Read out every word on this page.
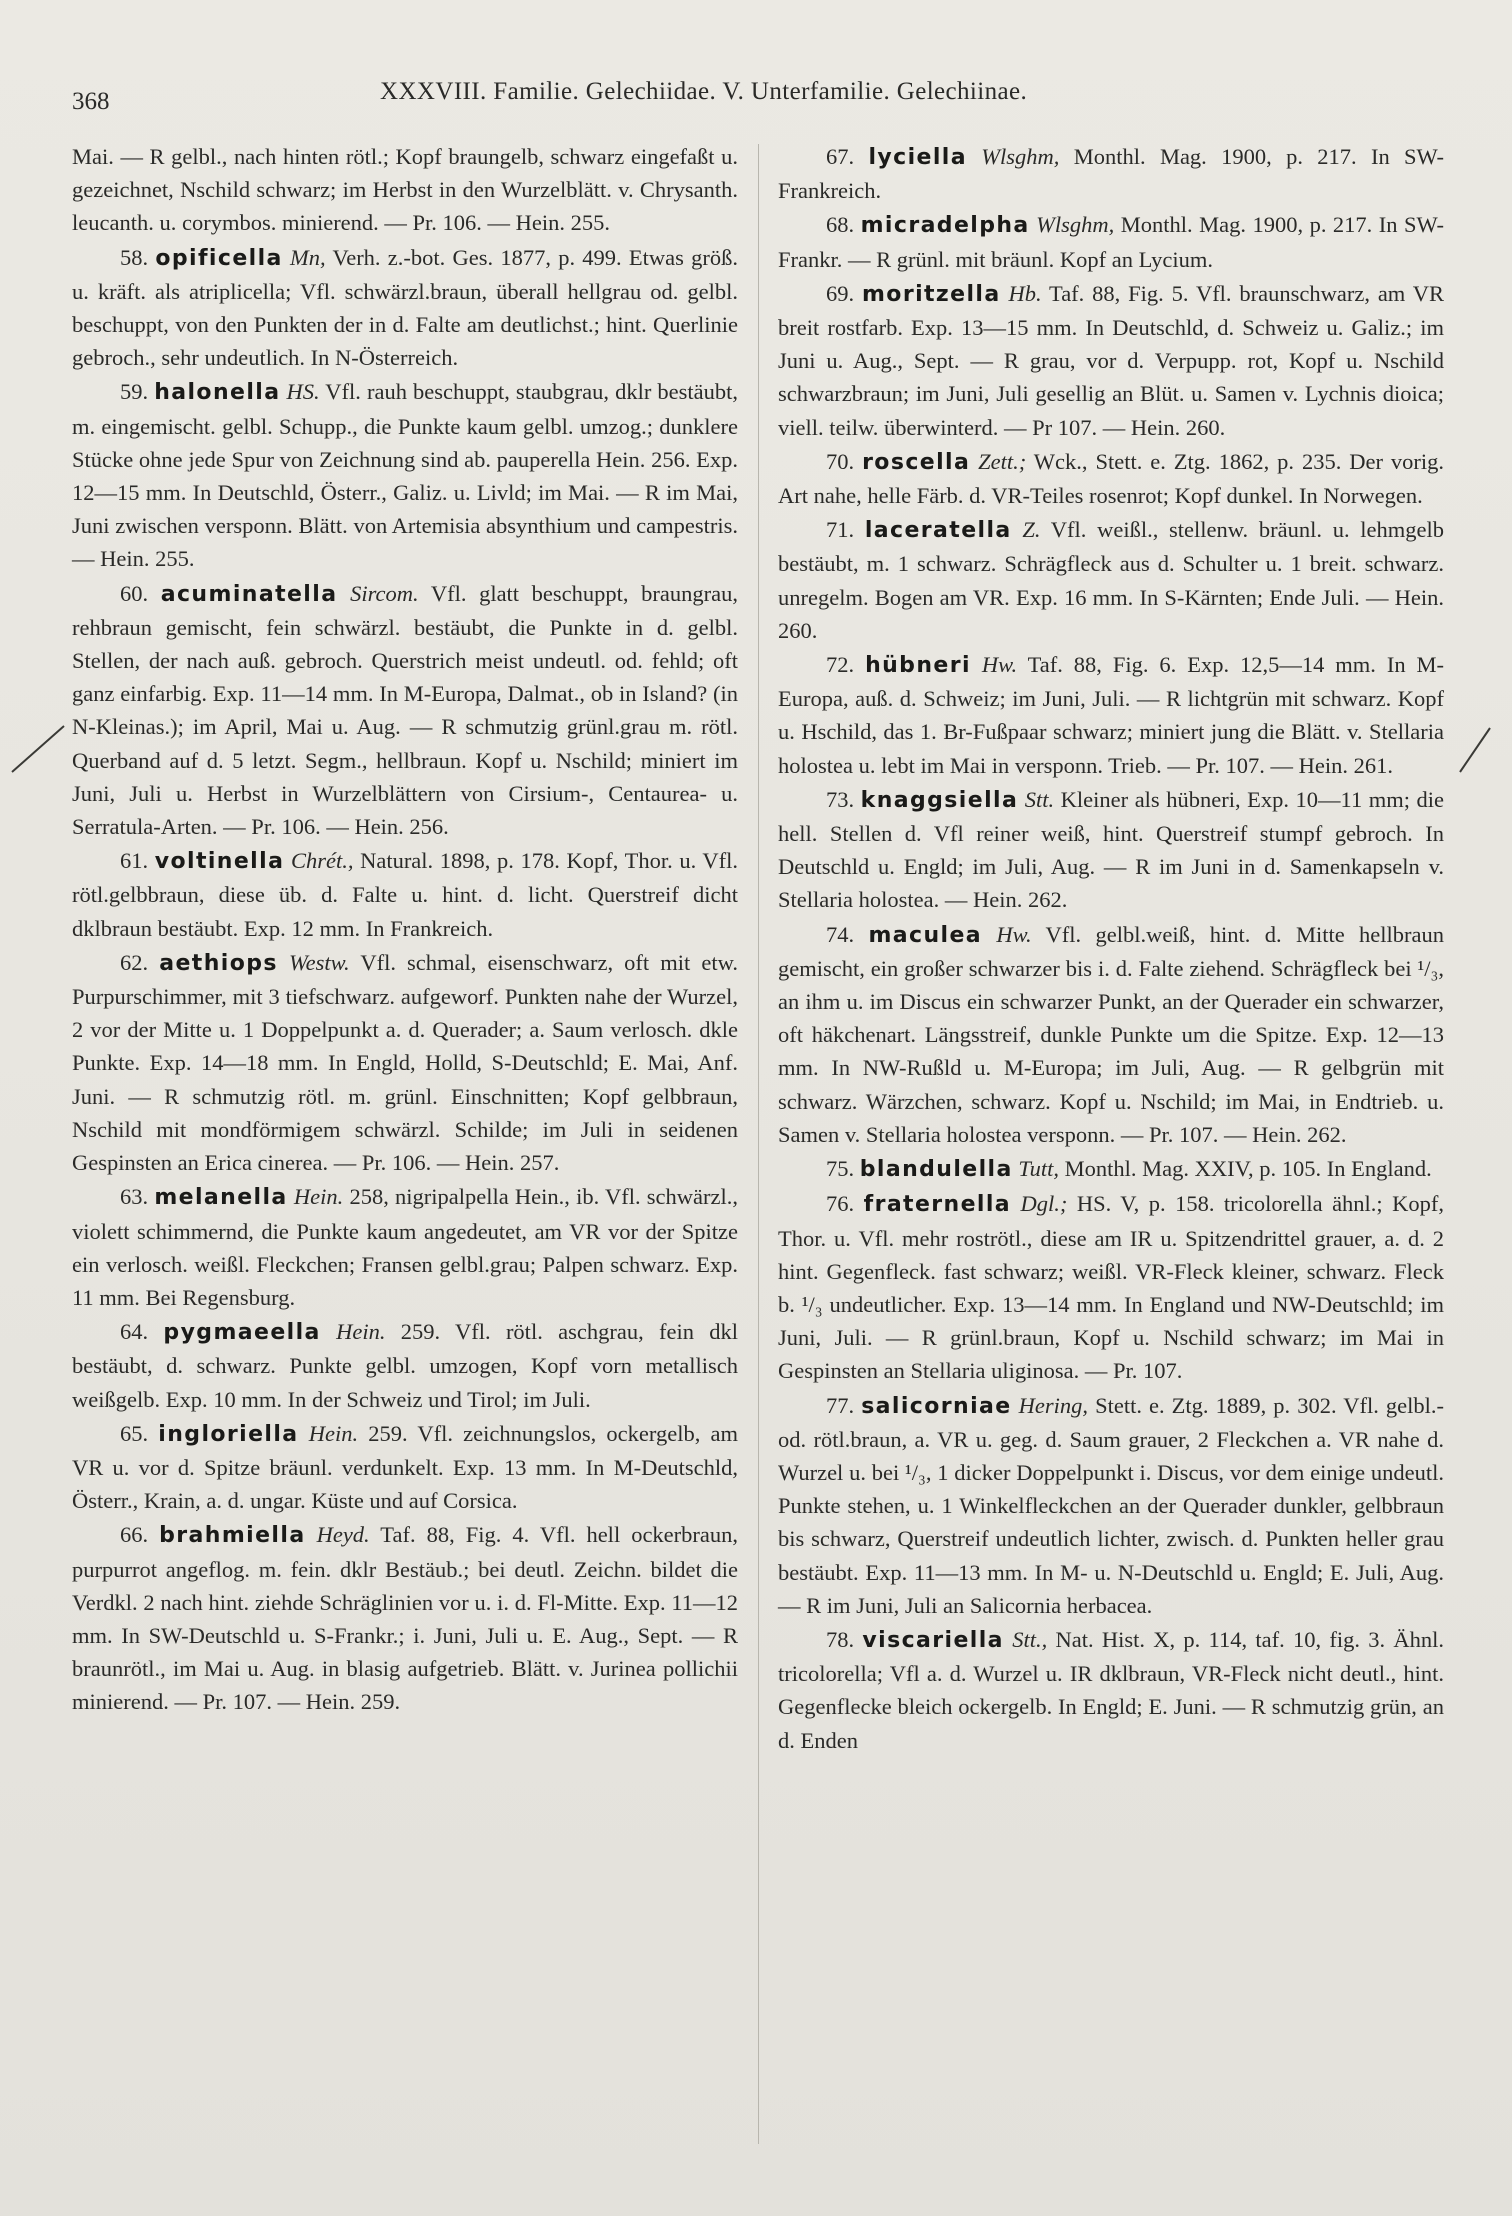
368	XXXVIII. Familie. Gelechiidae. V. Unterfamilie. Gelechiinae.

Mai. — R gelbl., nach hinten rötl.; Kopf braungelb, schwarz eingefaßt u. gezeichnet, Nschild schwarz; im Herbst in den Wurzelblätt. v. Chrysanth. leucanth. u. corymbos. minierend. — Pr. 106. — Hein. 255.

58. opificella Mn, Verh. z.-bot. Ges. 1877, p. 499. Etwas größ. u. kräft. als atriplicella; Vfl. schwärzl.braun, überall hellgrau od. gelbl. beschuppt, von den Punkten der in d. Falte am deutlichst.; hint. Querlinie gebroch., sehr undeutlich. In N-Österreich.

59. halonella HS. Vfl. rauh beschuppt, staubgrau, dklr bestäubt, m. eingemischt. gelbl. Schupp., die Punkte kaum gelbl. umzog.; dunklere Stücke ohne jede Spur von Zeichnung sind ab. pauperella Hein. 256. Exp. 12—15 mm. In Deutschld, Österr., Galiz. u. Livld; im Mai. — R im Mai, Juni zwischen versponn. Blätt. von Artemisia absynthium und campestris. — Hein. 255.

60. acuminatella Sircom. Vfl. glatt beschuppt, braungrau, rehbraun gemischt, fein schwärzl. bestäubt, die Punkte in d. gelbl. Stellen, der nach auß. gebroch. Querstrich meist undeutl. od. fehld; oft ganz einfarbig. Exp. 11—14 mm. In M-Europa, Dalmat., ob in Island? (in N-Kleinas.); im April, Mai u. Aug. — R schmutzig grünl.grau m. rötl. Querband auf d. 5 letzt. Segm., hellbraun. Kopf u. Nschild; miniert im Juni, Juli u. Herbst in Wurzelblättern von Cirsium-, Centaurea- u. Serratula-Arten. — Pr. 106. — Hein. 256.

61. voltinella Chrét., Natural. 1898, p. 178. Kopf, Thor. u. Vfl. rötl.gelbbraun, diese üb. d. Falte u. hint. d. licht. Querstreif dicht dklbraun bestäubt. Exp. 12 mm. In Frankreich.

62. aethiops Westw. Vfl. schmal, eisenschwarz, oft mit etw. Purpurschimmer, mit 3 tiefschwarz. aufgeworf. Punkten nahe der Wurzel, 2 vor der Mitte u. 1 Doppelpunkt a. d. Querader; a. Saum verlosch. dkle Punkte. Exp. 14—18 mm. In Engld, Holld, S-Deutschld; E. Mai, Anf. Juni. — R schmutzig rötl. m. grünl. Einschnitten; Kopf gelbbraun, Nschild mit mondförmigem schwärzl. Schilde; im Juli in seidenen Gespinsten an Erica cinerea. — Pr. 106. — Hein. 257.

63. melanella Hein. 258, nigripalpella Hein., ib. Vfl. schwärzl., violett schimmernd, die Punkte kaum angedeutet, am VR vor der Spitze ein verlosch. weißl. Fleckchen; Fransen gelbl.grau; Palpen schwarz. Exp. 11 mm. Bei Regensburg.

64. pygmaeella Hein. 259. Vfl. rötl. aschgrau, fein dkl bestäubt, d. schwarz. Punkte gelbl. umzogen, Kopf vorn metallisch weißgelb. Exp. 10 mm. In der Schweiz und Tirol; im Juli.

65. ingloriella Hein. 259. Vfl. zeichnungslos, ockergelb, am VR u. vor d. Spitze bräunl. verdunkelt. Exp. 13 mm. In M-Deutschld, Österr., Krain, a. d. ungar. Küste und auf Corsica.

66. brahmiella Heyd. Taf. 88, Fig. 4. Vfl. hell ockerbraun, purpurrot angeflog. m. fein. dklr Bestäub.; bei deutl. Zeichn. bildet die Verdkl. 2 nach hint. ziehde Schräglinien vor u. i. d. Fl-Mitte. Exp. 11—12 mm. In SW-Deutschld u. S-Frankr.; i. Juni, Juli u. E. Aug., Sept. — R braunrötl., im Mai u. Aug. in blasig aufgetrieb. Blätt. v. Jurinea pollichii minierend. — Pr. 107. — Hein. 259.

67. lyciella Wlsghm, Monthl. Mag. 1900, p. 217. In SW-Frankreich.

68. micradelpha Wlsghm, Monthl. Mag. 1900, p. 217. In SW-Frankr. — R grünl. mit bräunl. Kopf an Lycium.

69. moritzella Hb. Taf. 88, Fig. 5. Vfl. braunschwarz, am VR breit rostfarb. Exp. 13—15 mm. In Deutschld, d. Schweiz u. Galiz.; im Juni u. Aug., Sept. — R grau, vor d. Verpupp. rot, Kopf u. Nschild schwarzbraun; im Juni, Juli gesellig an Blüt. u. Samen v. Lychnis dioica; viell. teilw. überwinterd. — Pr 107. — Hein. 260.

70. roscella Zett.; Wck., Stett. e. Ztg. 1862, p. 235. Der vorig. Art nahe, helle Färb. d. VR-Teiles rosenrot; Kopf dunkel. In Norwegen.

71. laceratella Z. Vfl. weißl., stellenw. bräunl. u. lehmgelb bestäubt, m. 1 schwarz. Schrägfleck aus d. Schulter u. 1 breit. schwarz. unregelm. Bogen am VR. Exp. 16 mm. In S-Kärnten; Ende Juli. — Hein. 260.

72. hübneri Hw. Taf. 88, Fig. 6. Exp. 12,5—14 mm. In M-Europa, auß. d. Schweiz; im Juni, Juli. — R lichtgrün mit schwarz. Kopf u. Hschild, das 1. Br-Fußpaar schwarz; miniert jung die Blätt. v. Stellaria holostea u. lebt im Mai in versponn. Trieb. — Pr. 107. — Hein. 261.

73. knaggsiella Stt. Kleiner als hübneri, Exp. 10—11 mm; die hell. Stellen d. Vfl reiner weiß, hint. Querstreif stumpf gebroch. In Deutschld u. Engld; im Juli, Aug. — R im Juni in d. Samenkapseln v. Stellaria holostea. — Hein. 262.

74. maculea Hw. Vfl. gelbl.weiß, hint. d. Mitte hellbraun gemischt, ein großer schwarzer bis i. d. Falte ziehend. Schrägfleck bei ¹/₃, an ihm u. im Discus ein schwarzer Punkt, an der Querader ein schwarzer, oft häkchenart. Längsstreif, dunkle Punkte um die Spitze. Exp. 12—13 mm. In NW-Rußld u. M-Europa; im Juli, Aug. — R gelbgrün mit schwarz. Wärzchen, schwarz. Kopf u. Nschild; im Mai, in Endtrieb. u. Samen v. Stellaria holostea versponn. — Pr. 107. — Hein. 262.

75. blandulella Tutt, Monthl. Mag. XXIV, p. 105. In England.

76. fraternella Dgl.; HS. V, p. 158. tricolorella ähnl.; Kopf, Thor. u. Vfl. mehr roströtl., diese am IR u. Spitzendrittel grauer, a. d. 2 hint. Gegenfleck. fast schwarz; weißl. VR-Fleck kleiner, schwarz. Fleck b. ¹/₃ undeutlicher. Exp. 13—14 mm. In England und NW-Deutschld; im Juni, Juli. — R grünl.braun, Kopf u. Nschild schwarz; im Mai in Gespinsten an Stellaria uliginosa. — Pr. 107.

77. salicorniae Hering, Stett. e. Ztg. 1889, p. 302. Vfl. gelbl.- od. rötl.braun, a. VR u. geg. d. Saum grauer, 2 Fleckchen a. VR nahe d. Wurzel u. bei ¹/₃, 1 dicker Doppelpunkt i. Discus, vor dem einige undeutl. Punkte stehen, u. 1 Winkelfleckchen an der Querader dunkler, gelbbraun bis schwarz, Querstreif undeutlich lichter, zwisch. d. Punkten heller grau bestäubt. Exp. 11—13 mm. In M- u. N-Deutschld u. Engld; E. Juli, Aug. — R im Juni, Juli an Salicornia herbacea.

78. viscariella Stt., Nat. Hist. X, p. 114, taf. 10, fig. 3. Ähnl. tricolorella; Vfl a. d. Wurzel u. IR dklbraun, VR-Fleck nicht deutl., hint. Gegenflecke bleich ockergelb. In Engld; E. Juni. — R schmutzig grün, an d. Enden
